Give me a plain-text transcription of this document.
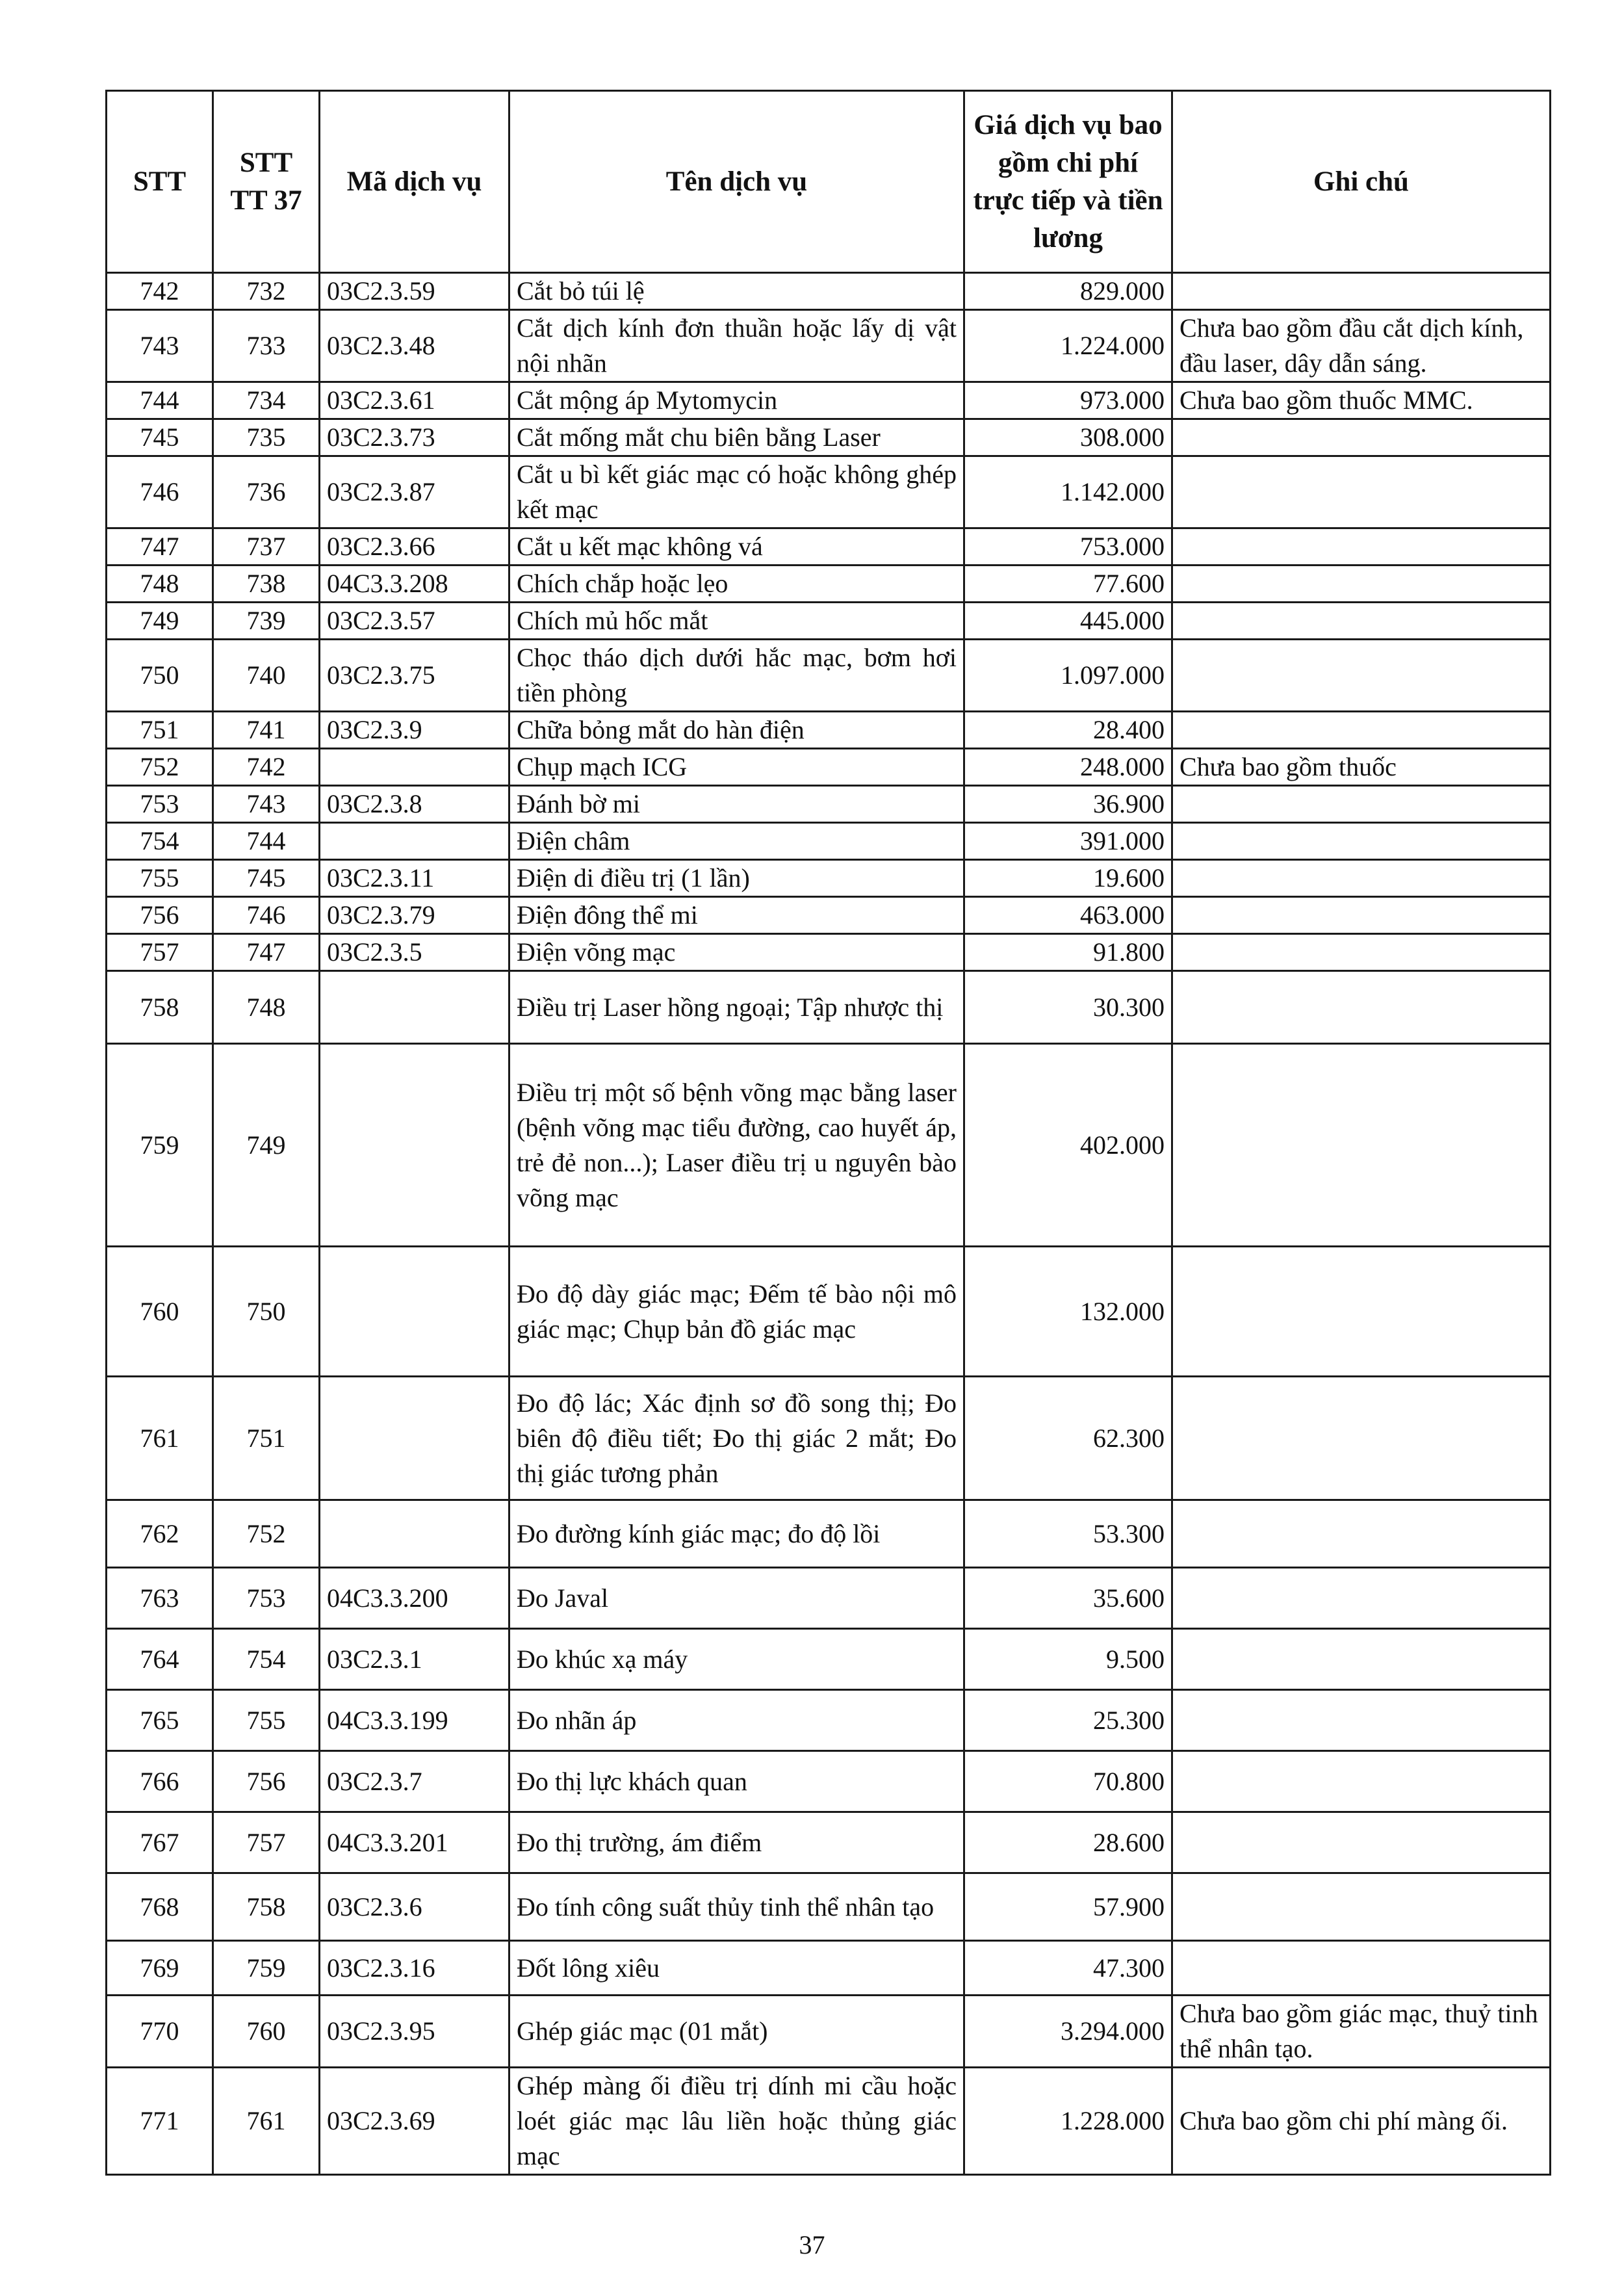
STT	STT TT 37	Mã dịch vụ	Tên dịch vụ	Giá dịch vụ bao gồm chi phí trực tiếp và tiền lương	Ghi chú
742	732	03C2.3.59	Cắt bỏ túi lệ	829.000	
743	733	03C2.3.48	Cắt dịch kính đơn thuần hoặc lấy dị vật nội nhãn	1.224.000	Chưa bao gồm đầu cắt dịch kính, đầu laser, dây dẫn sáng.
744	734	03C2.3.61	Cắt mộng áp Mytomycin	973.000	Chưa bao gồm thuốc MMC.
745	735	03C2.3.73	Cắt mống mắt chu biên bằng Laser	308.000	
746	736	03C2.3.87	Cắt u bì kết giác mạc có hoặc không ghép kết mạc	1.142.000	
747	737	03C2.3.66	Cắt u kết mạc không vá	753.000	
748	738	04C3.3.208	Chích chắp hoặc lẹo	77.600	
749	739	03C2.3.57	Chích mủ hốc mắt	445.000	
750	740	03C2.3.75	Chọc tháo dịch dưới hắc mạc, bơm hơi tiền phòng	1.097.000	
751	741	03C2.3.9	Chữa bỏng mắt do hàn điện	28.400	
752	742		Chụp mạch ICG	248.000	Chưa bao gồm thuốc
753	743	03C2.3.8	Đánh bờ mi	36.900	
754	744		Điện châm	391.000	
755	745	03C2.3.11	Điện di điều trị (1 lần)	19.600	
756	746	03C2.3.79	Điện đông thể mi	463.000	
757	747	03C2.3.5	Điện võng mạc	91.800	
758	748		Điều trị Laser hồng ngoại; Tập nhược thị	30.300	
759	749		Điều trị một số bệnh võng mạc bằng laser (bệnh võng mạc tiểu đường, cao huyết áp, trẻ đẻ non...); Laser điều trị u nguyên bào võng mạc	402.000	
760	750		Đo độ dày giác mạc; Đếm tế bào nội mô giác mạc; Chụp bản đồ giác mạc	132.000	
761	751		Đo độ lác; Xác định sơ đồ song thị; Đo biên độ điều tiết; Đo thị giác 2 mắt; Đo thị giác tương phản	62.300	
762	752		Đo đường kính giác mạc; đo độ lồi	53.300	
763	753	04C3.3.200	Đo Javal	35.600	
764	754	03C2.3.1	Đo khúc xạ máy	9.500	
765	755	04C3.3.199	Đo nhãn áp	25.300	
766	756	03C2.3.7	Đo thị lực khách quan	70.800	
767	757	04C3.3.201	Đo thị trường, ám điểm	28.600	
768	758	03C2.3.6	Đo tính công suất thủy tinh thể nhân tạo	57.900	
769	759	03C2.3.16	Đốt lông xiêu	47.300	
770	760	03C2.3.95	Ghép giác mạc (01 mắt)	3.294.000	Chưa bao gồm giác mạc, thuỷ tinh thể nhân tạo.
771	761	03C2.3.69	Ghép màng ối điều trị dính mi cầu hoặc loét giác mạc lâu liền hoặc thủng giác mạc	1.228.000	Chưa bao gồm chi phí màng ối.
37
